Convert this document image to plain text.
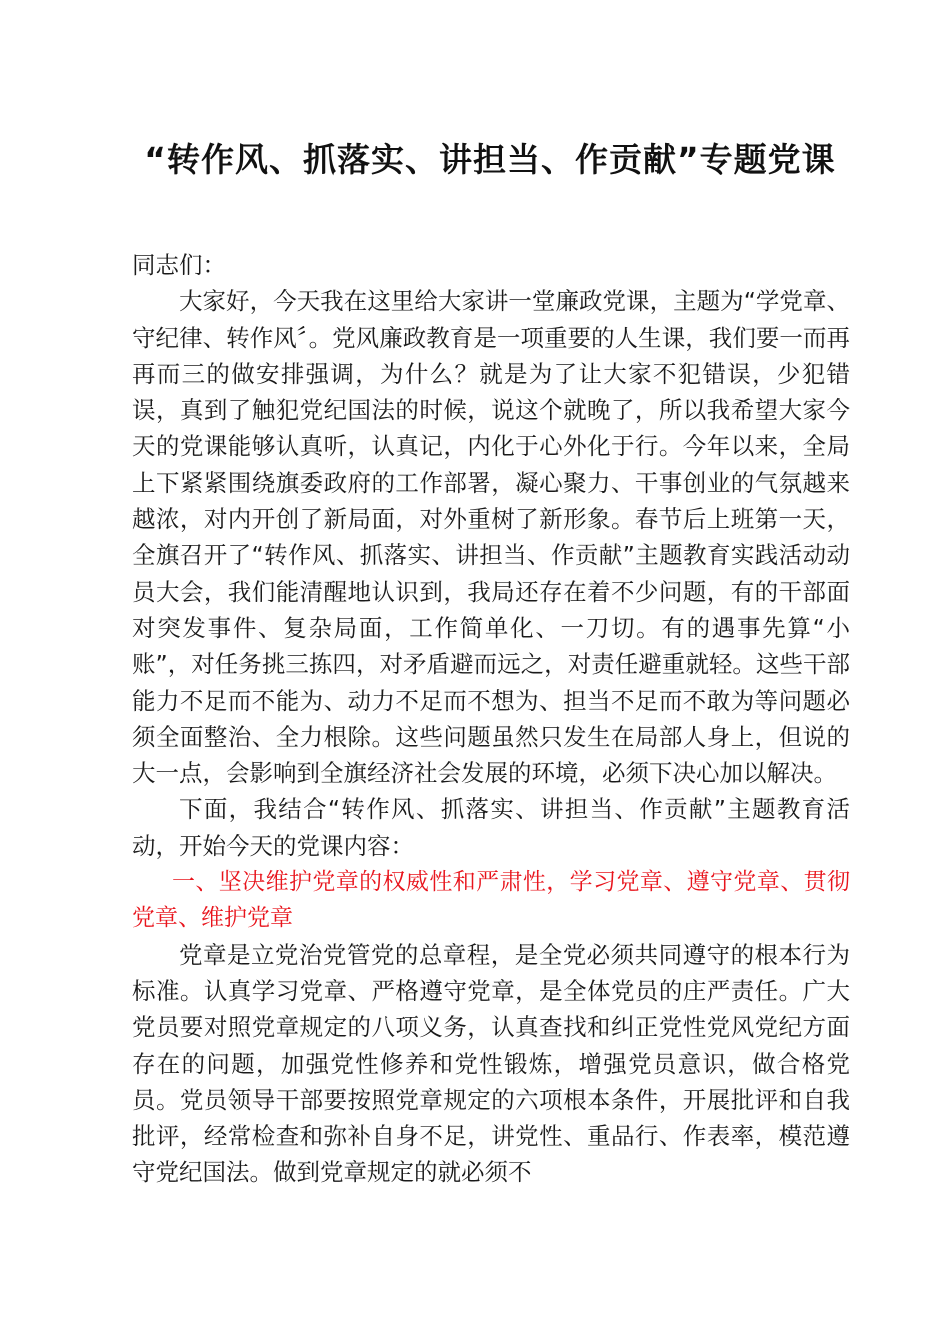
“转作风、抓落实、讲担当、作贡献”专题党课

同志们：

大家好，今天我在这里给大家讲一堂廉政党课，主题为“学党章、守纪律、转作风〞。党风廉政教育是一项重要的人生课，我们要一而再再而三的做安排强调，为什么？就是为了让大家不犯错误，少犯错误，真到了触犯党纪国法的时候，说这个就晚了，所以我希望大家今天的党课能够认真听，认真记，内化于心外化于行。今年以来，全局上下紧紧围绕旗委政府的工作部署，凝心聚力、干事创业的气氛越来越浓，对内开创了新局面，对外重树了新形象。春节后上班第一天，全旗召开了“转作风、抓落实、讲担当、作贡献”主题教育实践活动动员大会，我们能清醒地认识到，我局还存在着不少问题，有的干部面对突发事件、复杂局面，工作简单化、一刀切。有的遇事先算“小账”，对任务挑三拣四，对矛盾避而远之，对责任避重就轻。这些干部能力不足而不能为、动力不足而不想为、担当不足而不敢为等问题必须全面整治、全力根除。这些问题虽然只发生在局部人身上，但说的大一点，会影响到全旗经济社会发展的环境，必须下决心加以解决。

下面，我结合“转作风、抓落实、讲担当、作贡献”主题教育活动，开始今天的党课内容：

一、坚决维护党章的权威性和严肃性，学习党章、遵守党章、贯彻党章、维护党章

党章是立党治党管党的总章程，是全党必须共同遵守的根本行为标准。认真学习党章、严格遵守党章，是全体党员的庄严责任。广大党员要对照党章规定的八项义务，认真查找和纠正党性党风党纪方面存在的问题，加强党性修养和党性锻炼，增强党员意识，做合格党员。党员领导干部要按照党章规定的六项根本条件，开展批评和自我批评，经常检查和弥补自身不足，讲党性、重品行、作表率，模范遵守党纪国法。做到党章规定的就必须不
